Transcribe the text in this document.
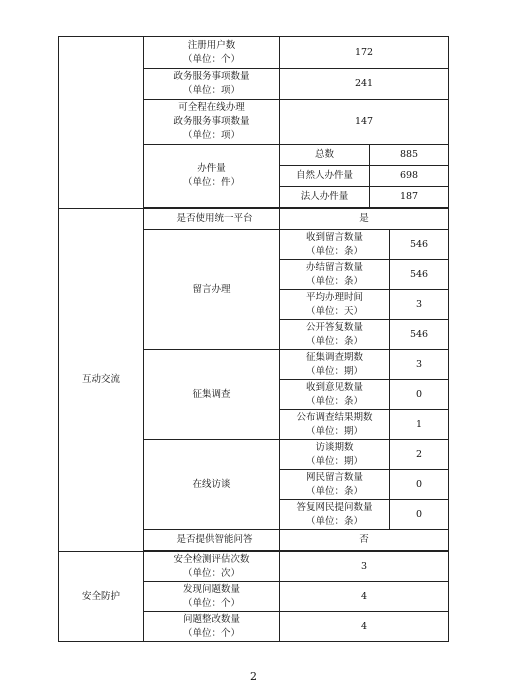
	注册用户数
（单位：个）	172		

	政务服务事项数量
（单位：项）	241		

	可全程在线办理
政务服务事项数量
（单位：项）	147		

	办件量
（单位：件）	总数	885	
		自然人办件量	698	
		法人办件量	187	

互动交流	是否使用统一平台	是		
	留言办理	收到留言数量
（单位：条）		546

		办结留言数量
（单位：条）		546

		平均办理时间
（单位：天）		3

		公开答复数量
（单位：条）		546
	征集调查	征集调查期数
（单位：期）		3

		收到意见数量
（单位：条）		0

		公布调查结果期数
（单位：期）		1
	在线访谈	访谈期数
（单位：期）		2

		网民留言数量
（单位：条）		0

		答复网民提问数量
（单位：条）		0
	是否提供智能问答	否		

安全防护	安全检测评估次数
（单位：次）	3		

	发现问题数量
（单位：个）	4		

	问题整改数量
（单位：个）	4		
2
